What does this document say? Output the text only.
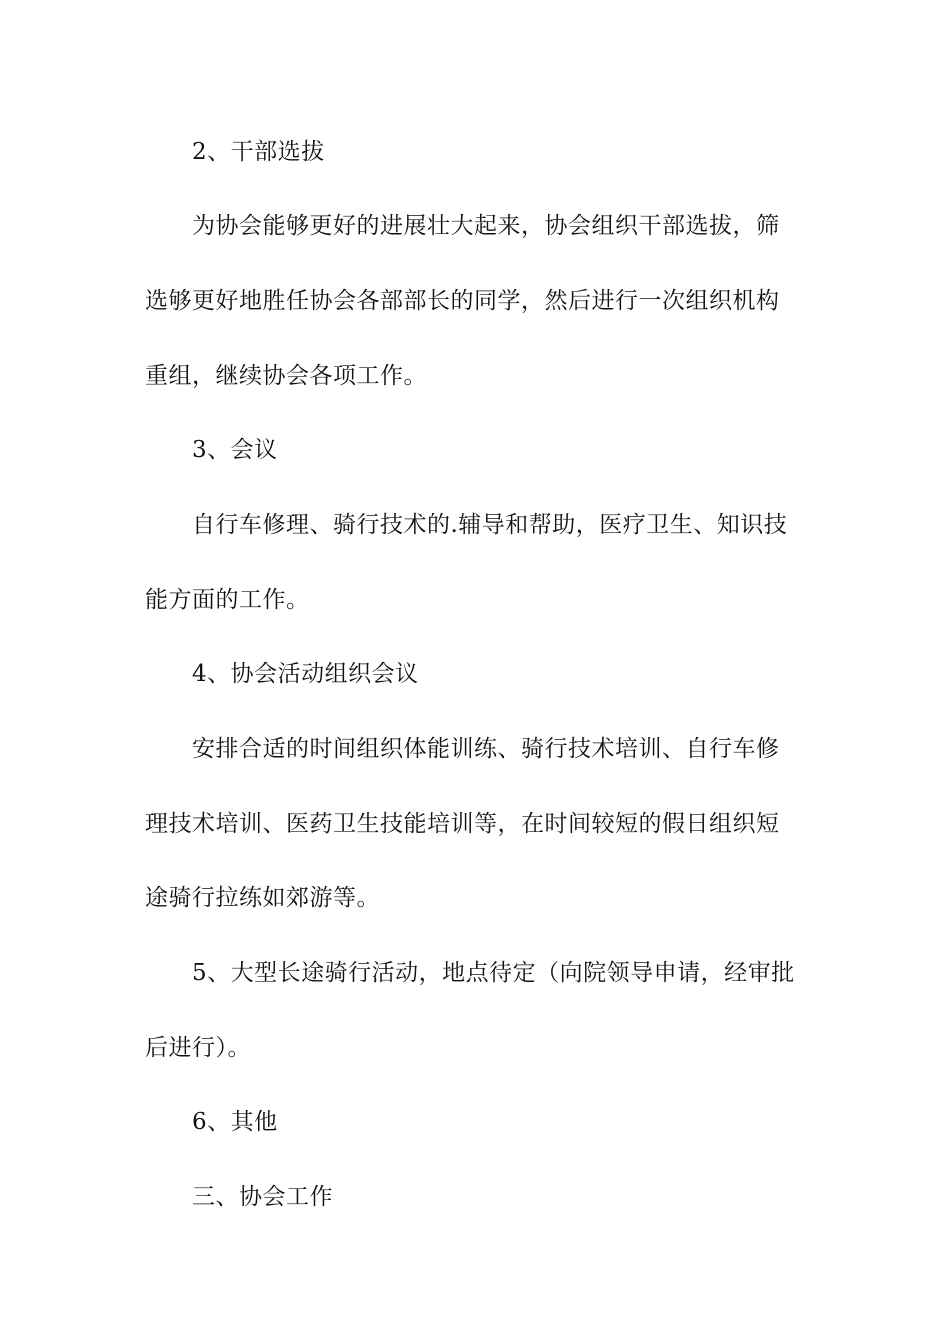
2、干部选拔
为协会能够更好的进展壮大起来，协会组织干部选拔，筛
选够更好地胜任协会各部部长的同学，然后进行一次组织机构
重组，继续协会各项工作。
3、会议
自行车修理、骑行技术的.辅导和帮助，医疗卫生、知识技
能方面的工作。
4、协会活动组织会议
安排合适的时间组织体能训练、骑行技术培训、自行车修
理技术培训、医药卫生技能培训等，在时间较短的假日组织短
途骑行拉练如郊游等。
5、大型长途骑行活动，地点待定（向院领导申请，经审批
后进行）。
6、其他
三、协会工作
